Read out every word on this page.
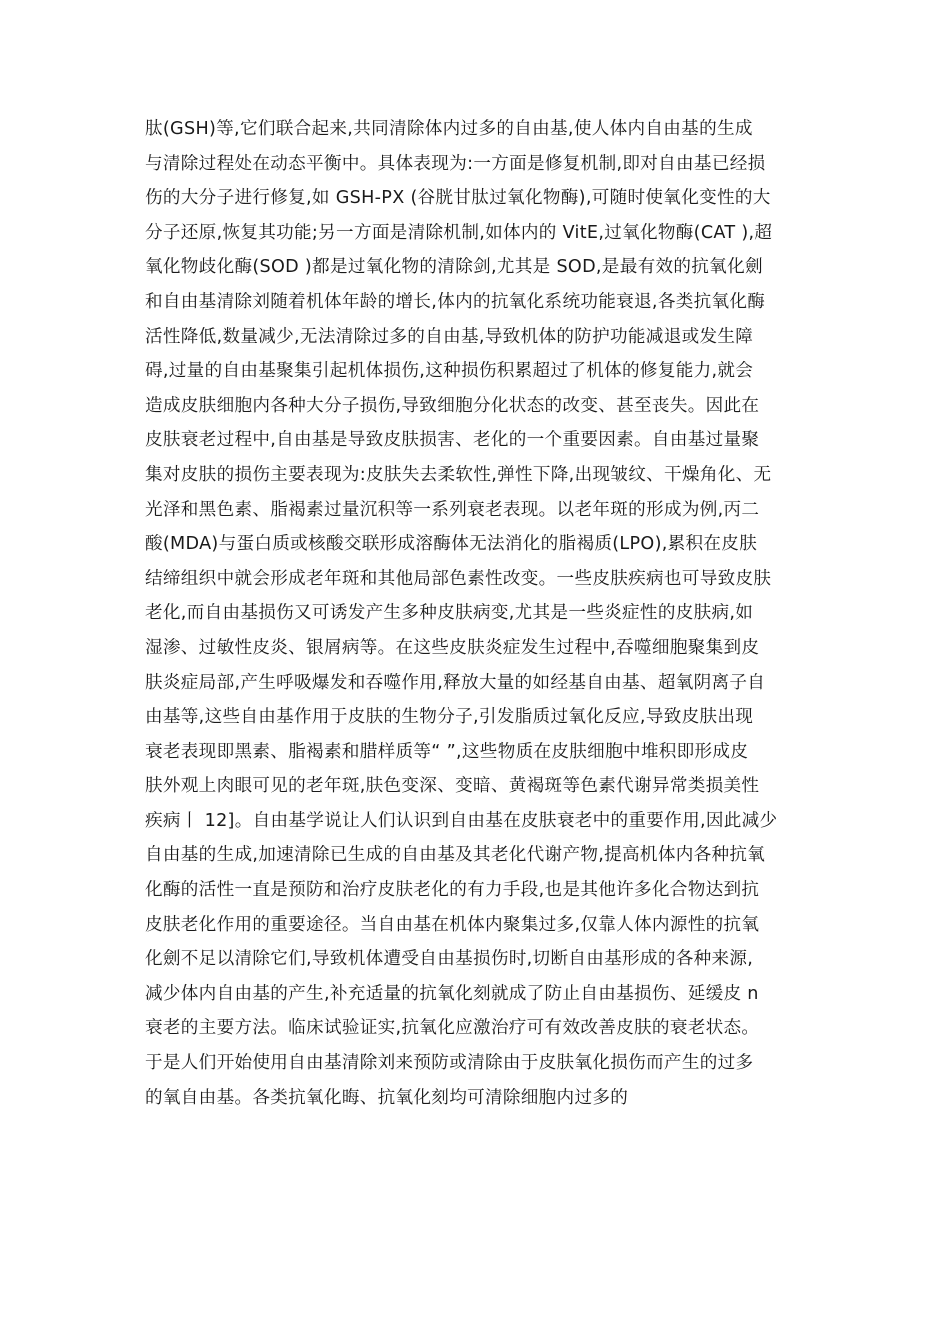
肽(GSH)等,它们联合起来,共同清除体内过多的自由基,使人体内自由基的生成
与清除过程处在动态平衡中。具体表现为:一方面是修复机制,即对自由基已经损
伤的大分子进行修复,如 GSH-PX (谷胱甘肽过氧化物酶),可随时使氧化变性的大
分子还原,恢复其功能;另一方面是清除机制,如体内的 VitE,过氧化物酶(CAT ),超
氧化物歧化酶(SOD )都是过氧化物的清除剑,尤其是 SOD,是最有效的抗氧化劍
和自由基清除刘随着机体年龄的增长,体内的抗氧化系统功能衰退,各类抗氧化酶
活性降低,数量减少,无法清除过多的自由基,导致机体的防护功能减退或发生障
碍,过量的自由基聚集引起机体损伤,这种损伤积累超过了机体的修复能力,就会
造成皮肤细胞内各种大分子损伤,导致细胞分化状态的改变、甚至丧失。因此在
皮肤衰老过程中,自由基是导致皮肤损害、老化的一个重要因素。自由基过量聚
集对皮肤的损伤主要表现为:皮肤失去柔软性,弹性下降,出现皱纹、干燥角化、无
光泽和黑色素、脂褐素过量沉积等一系列衰老表现。以老年斑的形成为例,丙二
酸(MDA)与蛋白质或核酸交联形成溶酶体无法消化的脂褐质(LPO),累积在皮肤
结缔组织中就会形成老年斑和其他局部色素性改变。一些皮肤疾病也可导致皮肤
老化,而自由基损伤又可诱发产生多种皮肤病变,尤其是一些炎症性的皮肤病,如
湿渗、过敏性皮炎、银屑病等。在这些皮肤炎症发生过程中,吞噬细胞聚集到皮
肤炎症局部,产生呼吸爆发和吞噬作用,释放大量的如经基自由基、超氧阴离子自
由基等,这些自由基作用于皮肤的生物分子,引发脂质过氧化反应,导致皮肤出现
衰老表现即黑素、脂褐素和腊样质等“ ”,这些物质在皮肤细胞中堆积即形成皮
肤外观上肉眼可见的老年斑,肤色变深、变暗、黄褐斑等色素代谢异常类损美性
疾病丨 12]。自由基学说让人们认识到自由基在皮肤衰老中的重要作用,因此减少
自由基的生成,加速清除已生成的自由基及其老化代谢产物,提高机体内各种抗氧
化酶的活性一直是预防和治疗皮肤老化的有力手段,也是其他许多化合物达到抗
皮肤老化作用的重要途径。当自由基在机体内聚集过多,仅靠人体内源性的抗氧
化劍不足以清除它们,导致机体遭受自由基损伤时,切断自由基形成的各种来源,
减少体内自由基的产生,补充适量的抗氧化刻就成了防止自由基损伤、延缓皮 n
衰老的主要方法。临床试验证实,抗氧化应激治疗可有效改善皮肤的衰老状态。
于是人们开始使用自由基清除刘来预防或清除由于皮肤氧化损伤而产生的过多
的氧自由基。各类抗氧化晦、抗氧化刻均可清除细胞内过多的
